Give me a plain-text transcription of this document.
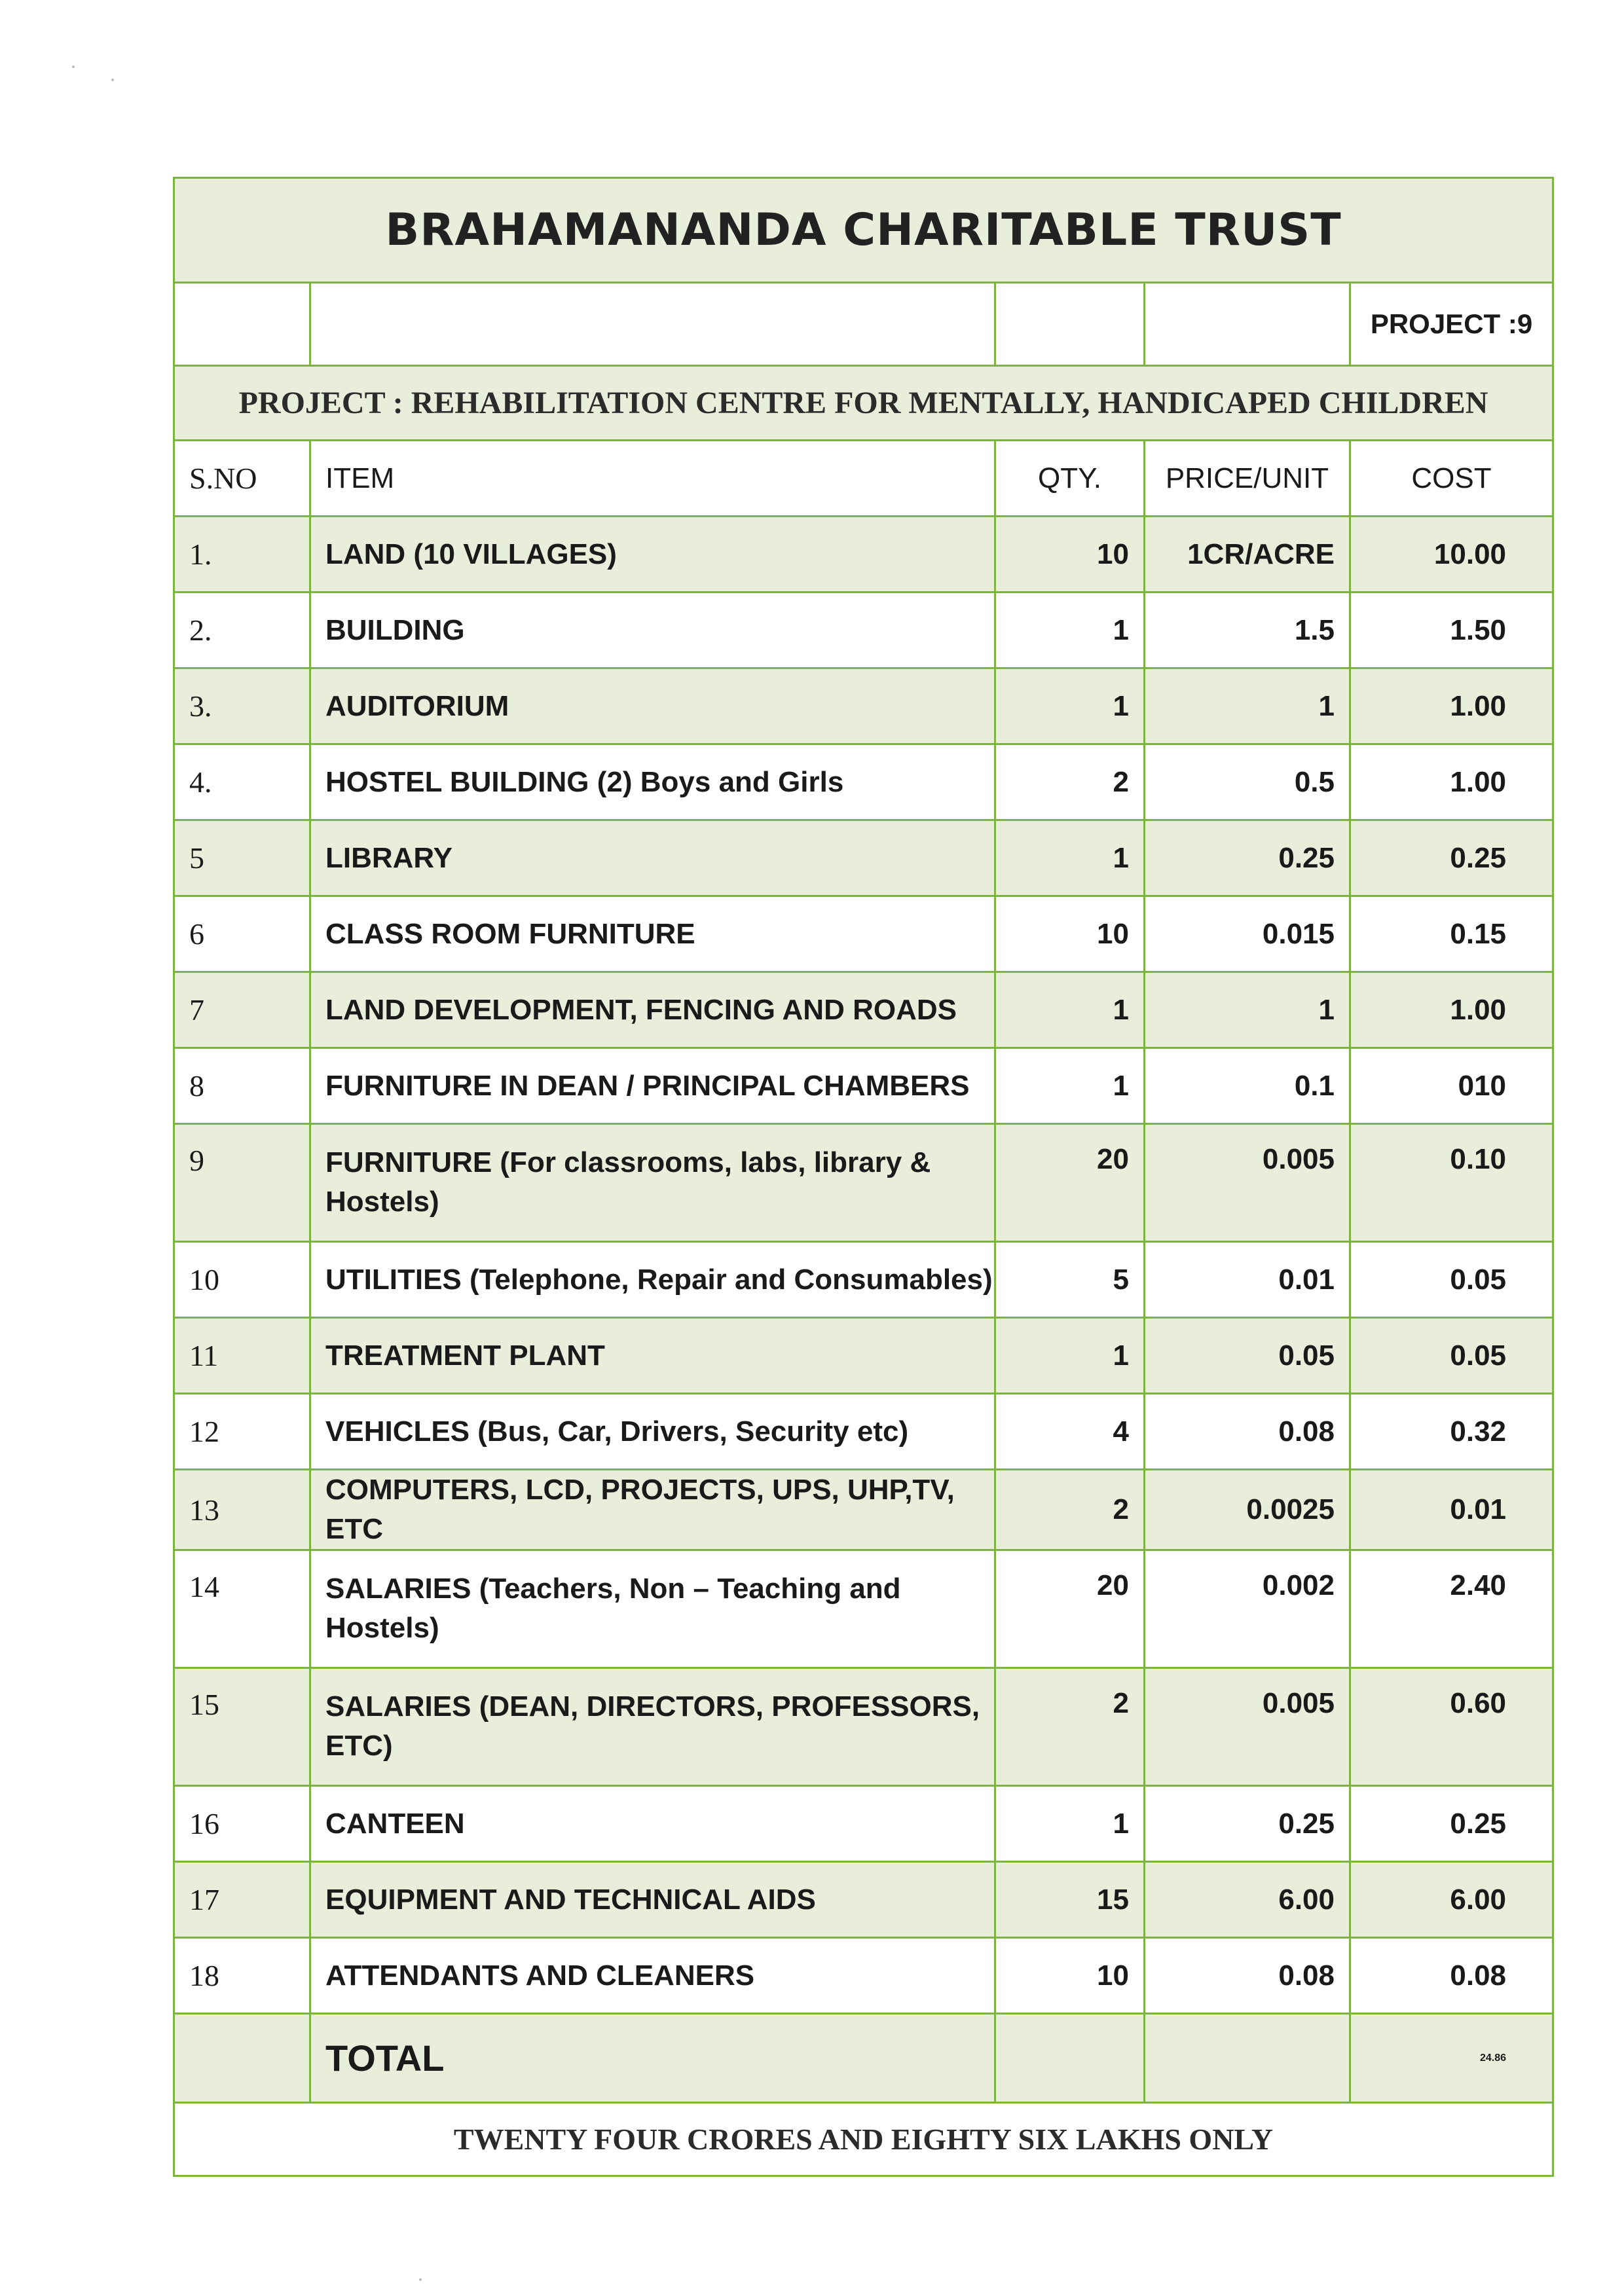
BRAHAMANANDA CHARITABLE TRUST				
				PROJECT :9
PROJECT : REHABILITATION CENTRE FOR MENTALLY, HANDICAPED CHILDREN				
S.NO	ITEM	QTY.	PRICE/UNIT	COST
1.	LAND (10 VILLAGES)	10	1CR/ACRE	10.00
2.	BUILDING	1	1.5	1.50
3.	AUDITORIUM	1	1	1.00
4.	HOSTEL BUILDING (2) Boys and Girls	2	0.5	1.00
5	LIBRARY	1	0.25	0.25
6	CLASS ROOM FURNITURE	10	0.015	0.15
7	LAND DEVELOPMENT, FENCING AND ROADS	1	1	1.00
8	FURNITURE IN DEAN / PRINCIPAL CHAMBERS	1	0.1	010
9	FURNITURE (For classrooms, labs, library & Hostels)	20	0.005	0.10
10	UTILITIES (Telephone, Repair and Consumables)	5	0.01	0.05
11	TREATMENT PLANT	1	0.05	0.05
12	VEHICLES (Bus, Car, Drivers, Security etc)	4	0.08	0.32
13	COMPUTERS, LCD, PROJECTS, UPS, UHP,TV, ETC	2	0.0025	0.01
14	SALARIES (Teachers, Non – Teaching and Hostels)	20	0.002	2.40
15	SALARIES (DEAN, DIRECTORS, PROFESSORS, ETC)	2	0.005	0.60
16	CANTEEN	1	0.25	0.25
17	EQUIPMENT AND TECHNICAL AIDS	15	6.00	6.00
18	ATTENDANTS AND CLEANERS	10	0.08	0.08
	TOTAL			24.86
TWENTY FOUR CRORES AND EIGHTY SIX LAKHS ONLY				
